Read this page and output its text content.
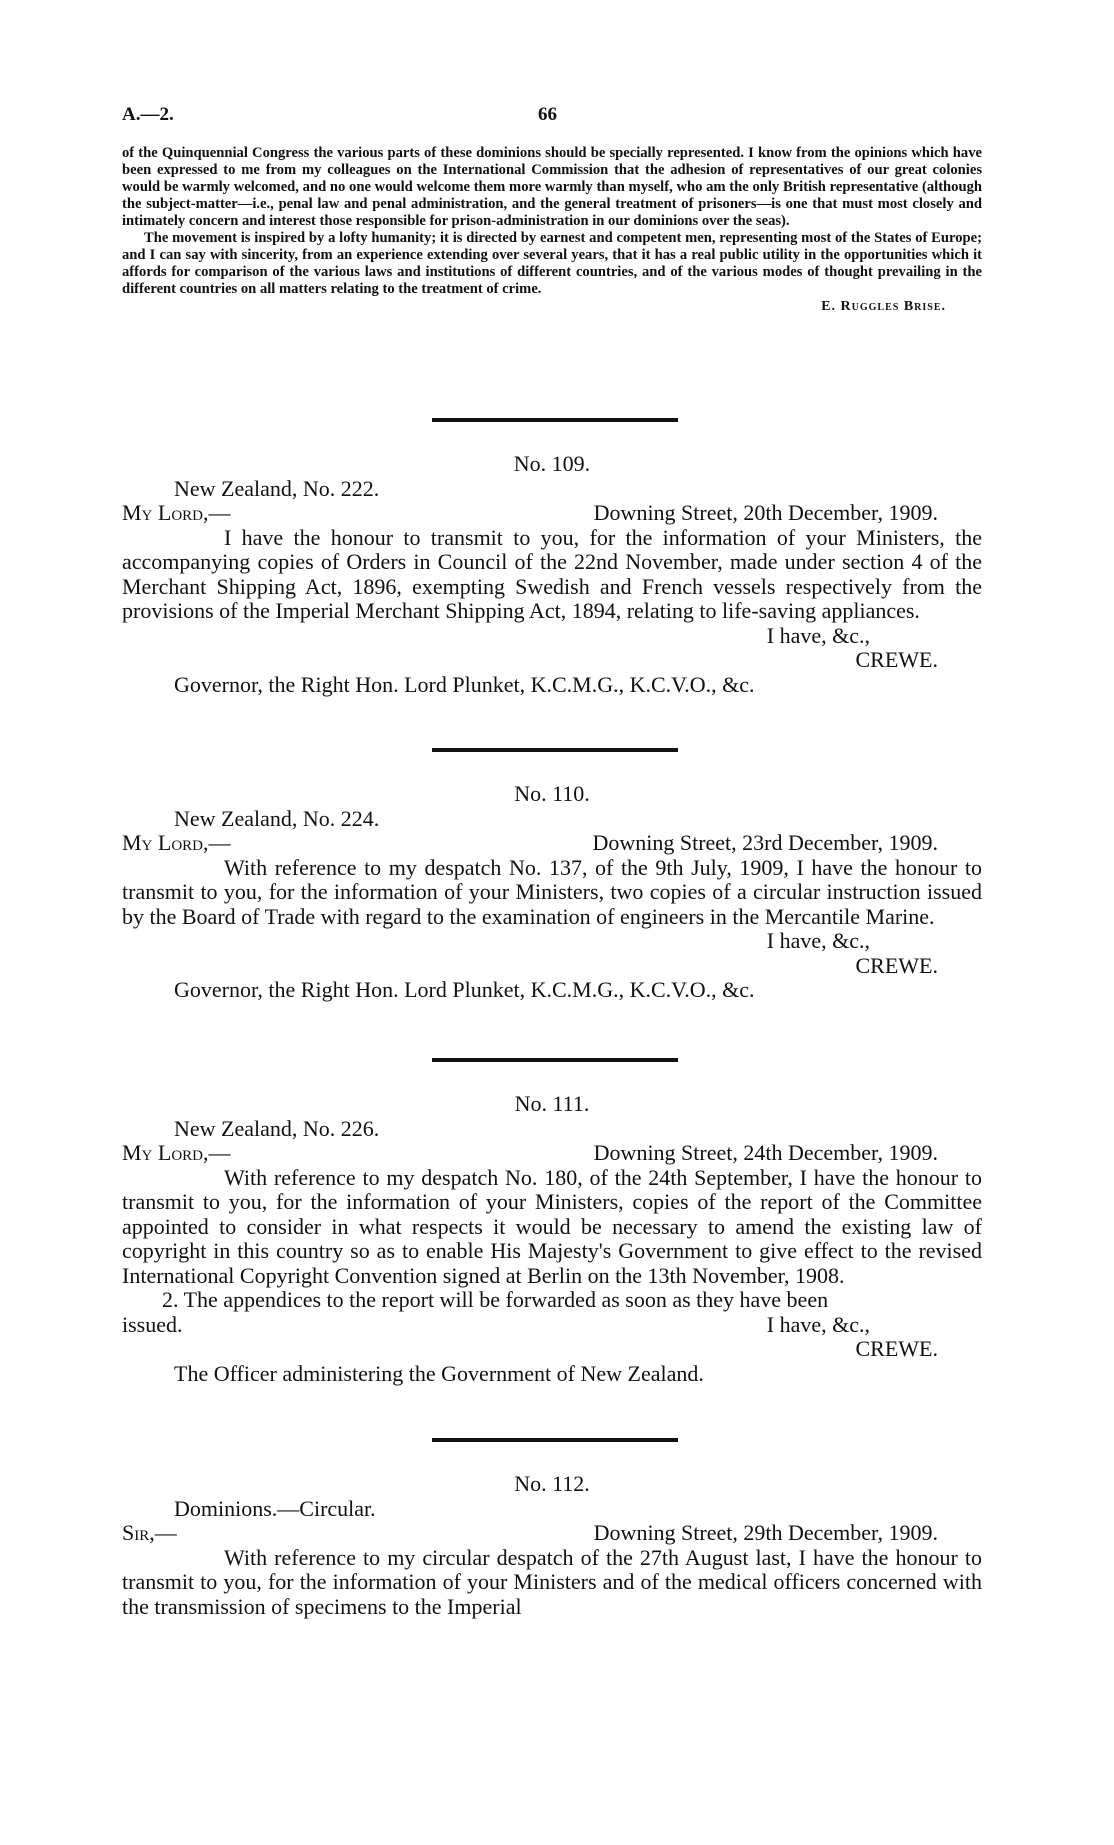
A.—2.	66

of the Quinquennial Congress the various parts of these dominions should be specially represented. I know from the opinions which have been expressed to me from my colleagues on the International Commission that the adhesion of representatives of our great colonies would be warmly welcomed, and no one would welcome them more warmly than myself, who am the only British representative (although the subject-matter—i.e., penal law and penal administration, and the general treatment of prisoners—is one that must most closely and intimately concern and interest those responsible for prison-administration in our dominions over the seas).

The movement is inspired by a lofty humanity; it is directed by earnest and competent men, representing most of the States of Europe; and I can say with sincerity, from an experience extending over several years, that it has a real public utility in the opportunities which it affords for comparison of the various laws and institutions of different countries, and of the various modes of thought prevailing in the different countries on all matters relating to the treatment of crime.

E. Ruggles Brise.
No. 109.
New Zealand, No. 222.
My Lord,—	Downing Street, 20th December, 1909.

I have the honour to transmit to you, for the information of your Ministers, the accompanying copies of Orders in Council of the 22nd November, made under section 4 of the Merchant Shipping Act, 1896, exempting Swedish and French vessels respectively from the provisions of the Imperial Merchant Shipping Act, 1894, relating to life-saving appliances.

I have, &c.,
CREWE.
Governor, the Right Hon. Lord Plunket, K.C.M.G., K.C.V.O., &c.
No. 110.
New Zealand, No. 224.
My Lord,—	Downing Street, 23rd December, 1909.

With reference to my despatch No. 137, of the 9th July, 1909, I have the honour to transmit to you, for the information of your Ministers, two copies of a circular instruction issued by the Board of Trade with regard to the examination of engineers in the Mercantile Marine.

I have, &c.,
CREWE.
Governor, the Right Hon. Lord Plunket, K.C.M.G., K.C.V.O., &c.
No. 111.
New Zealand, No. 226.
My Lord,—	Downing Street, 24th December, 1909.

With reference to my despatch No. 180, of the 24th September, I have the honour to transmit to you, for the information of your Ministers, copies of the report of the Committee appointed to consider in what respects it would be necessary to amend the existing law of copyright in this country so as to enable His Majesty's Government to give effect to the revised International Copyright Convention signed at Berlin on the 13th November, 1908.

2. The appendices to the report will be forwarded as soon as they have been

issued.	I have, &c.,
CREWE.
The Officer administering the Government of New Zealand.
No. 112.
Dominions.—Circular.
Sir,—	Downing Street, 29th December, 1909.

With reference to my circular despatch of the 27th August last, I have the honour to transmit to you, for the information of your Ministers and of the medical officers concerned with the transmission of specimens to the Imperial
